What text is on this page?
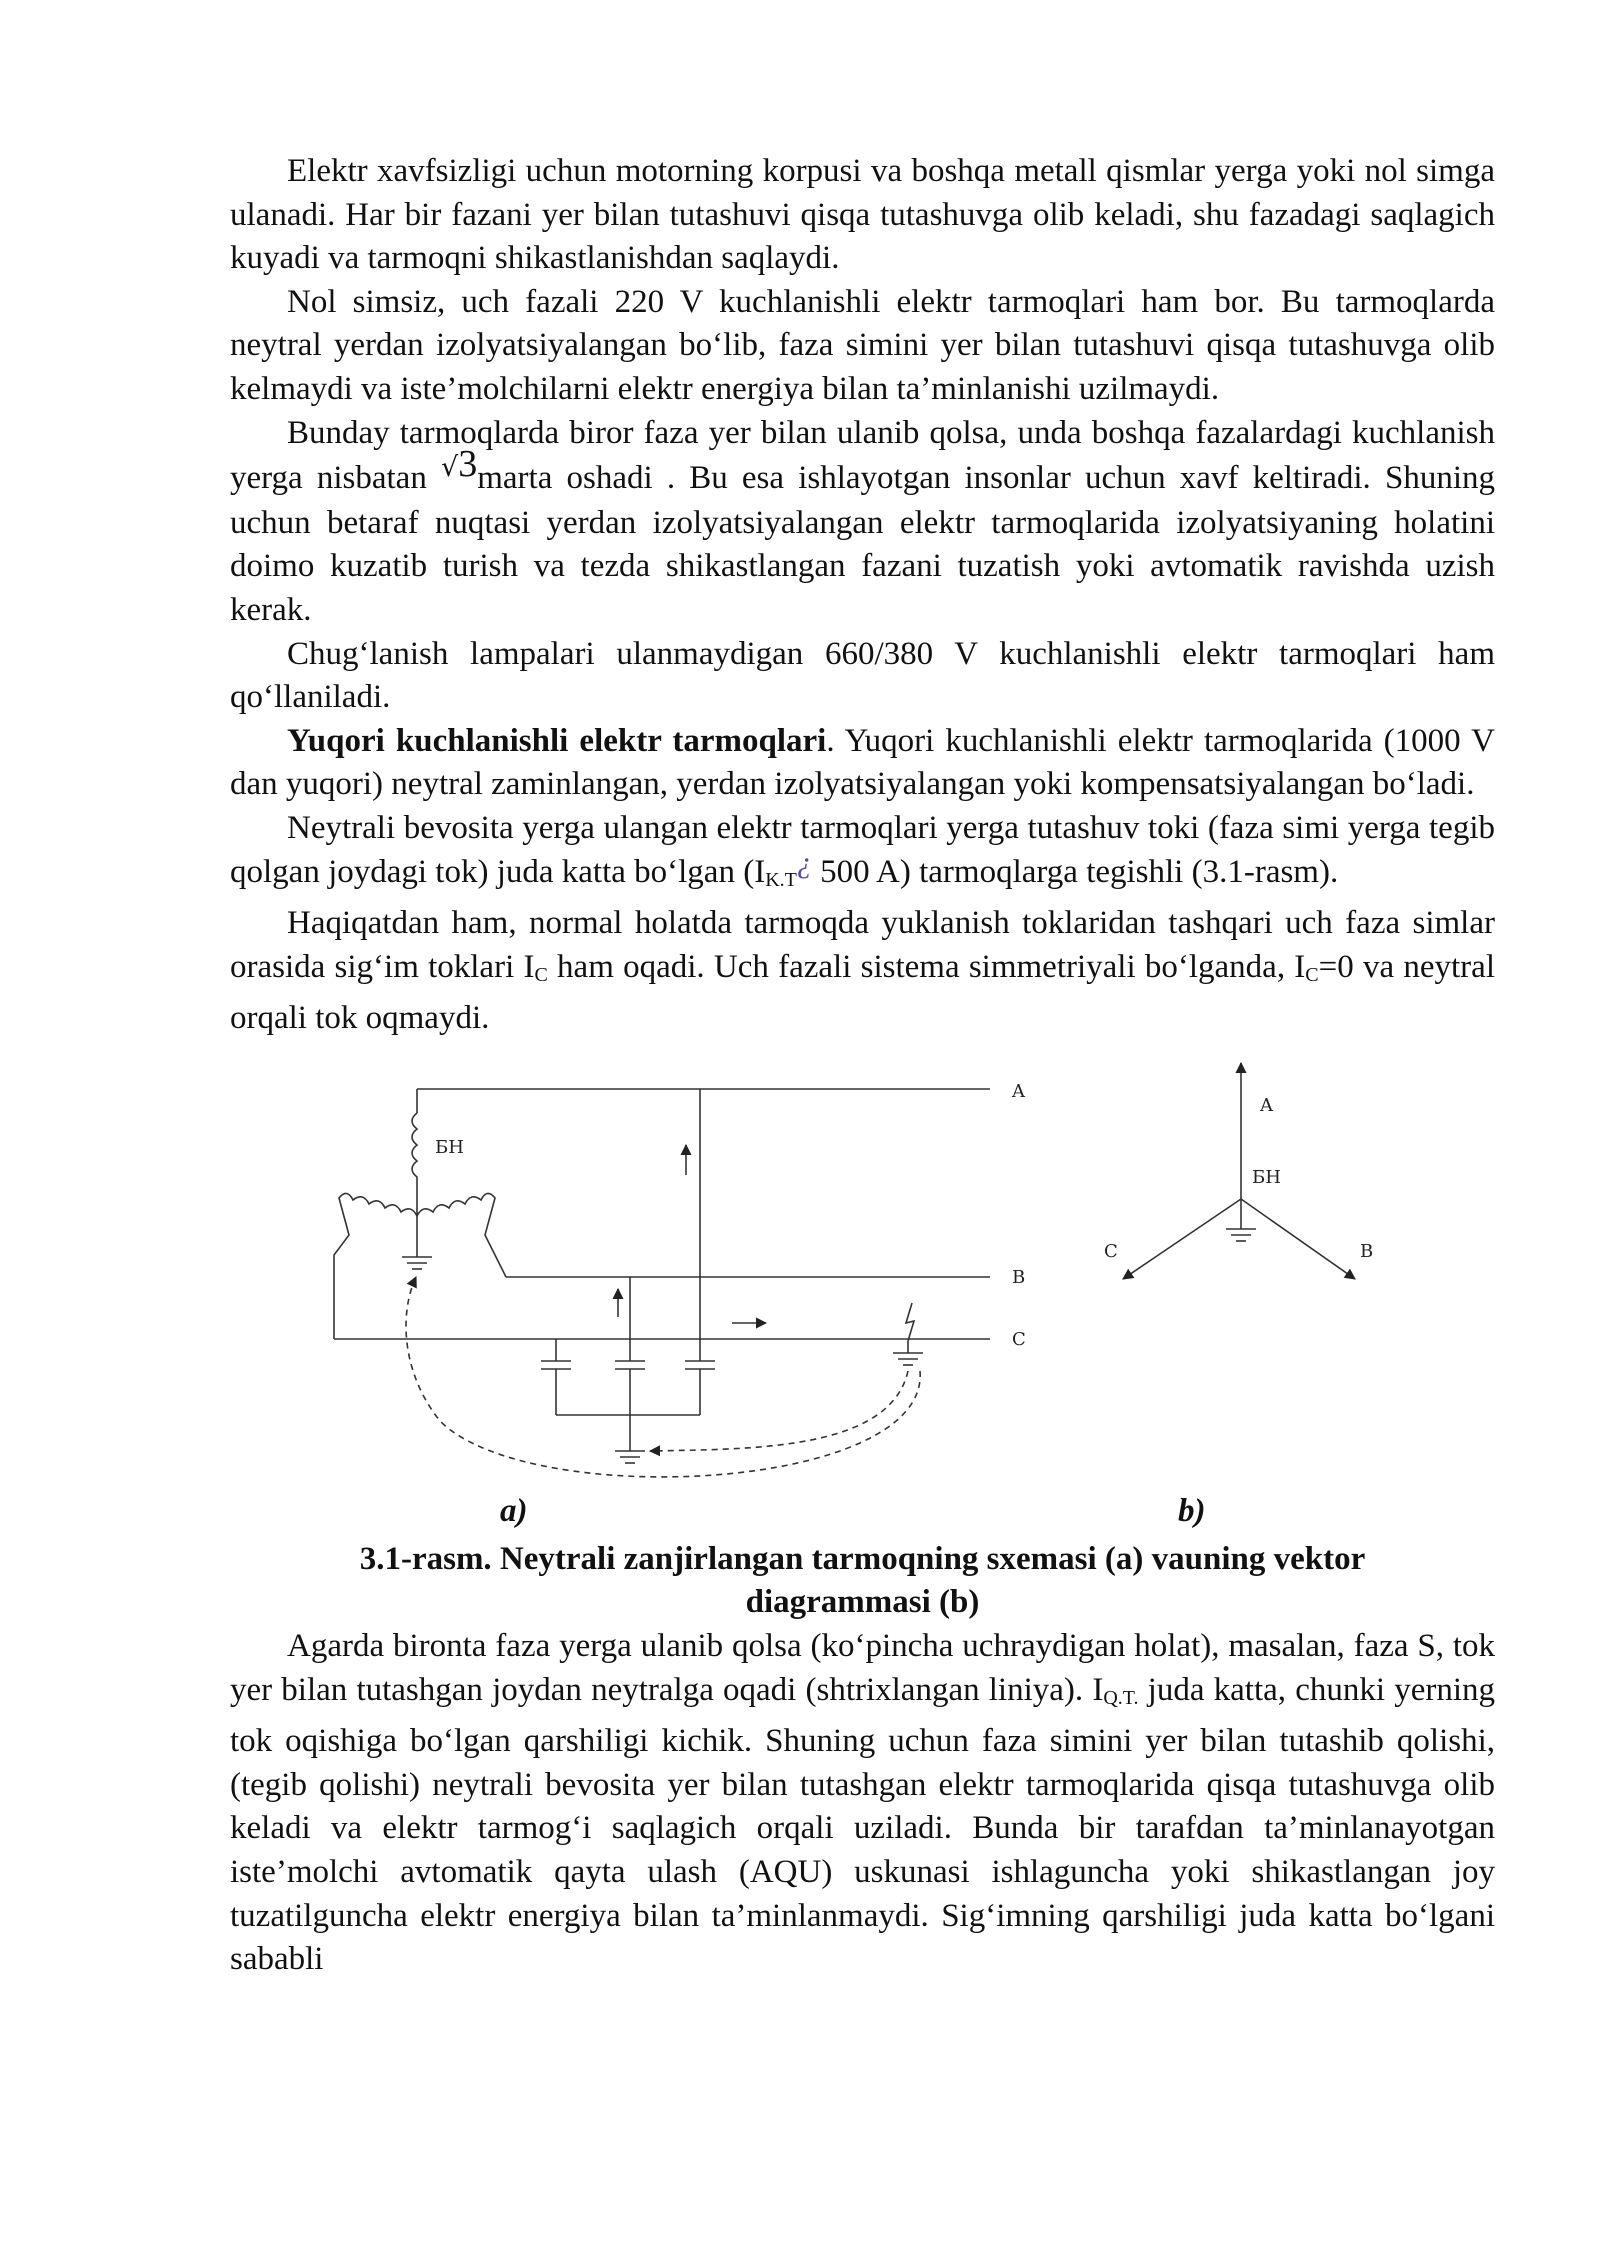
Elektr xavfsizligi uchun motorning korpusi va boshqa metall qismlar yerga yoki nol simga ulanadi. Har bir fazani yer bilan tutashuvi qisqa tutashuvga olib keladi, shu fazadagi saqlagich kuyadi va tarmoqni shikastlanishdan saqlaydi.

Nol simsiz, uch fazali 220 V kuchlanishli elektr tarmoqlari ham bor. Bu tarmoqlarda neytral yerdan izolyatsiyalangan bo‘lib, faza simini yer bilan tutashuvi qisqa tutashuvga olib kelmaydi va iste’molchilarni elektr energiya bilan ta’minlanishi uzilmaydi.

Bunday tarmoqlarda biror faza yer bilan ulanib qolsa, unda boshqa fazalardagi kuchlanish yerga nisbatan √3marta oshadi . Bu esa ishlayotgan insonlar uchun xavf keltiradi. Shuning uchun betaraf nuqtasi yerdan izolyatsiyalangan elektr tarmoqlarida izolyatsiyaning holatini doimo kuzatib turish va tezda shikastlangan fazani tuzatish yoki avtomatik ravishda uzish kerak.

Chug‘lanish lampalari ulanmaydigan 660/380 V kuchlanishli elektr tarmoqlari ham qo‘llaniladi.

Yuqori kuchlanishli elektr tarmoqlari. Yuqori kuchlanishli elektr tarmoqlarida (1000 V dan yuqori) neytral zaminlangan, yerdan izolyatsiyalangan yoki kompensatsiyalangan bo‘ladi.

Neytrali bevosita yerga ulangan elektr tarmoqlari yerga tutashuv toki (faza simi yerga tegib qolgan joydagi tok) juda katta bo‘lgan ($I_{K.T}¿$ 500 A) tarmoqlarga tegishli (3.1-rasm).

Haqiqatdan ham, normal holatda tarmoqda yuklanish toklaridan tashqari uch faza simlar orasida sig‘im toklari $I_C$ ham oqadi. Uch fazali sistema simmetriyali bo‘lganda, $I_C=0$ va neytral orqali tok oqmaydi.

A
B
C
БН
A
B
C
БН
a)	b)

3.1-rasm. Neytrali zanjirlangan tarmoqning sxemasi (a) vauning vektor

diagrammasi (b)

Agarda bironta faza yerga ulanib qolsa (ko‘pincha uchraydigan holat), masalan, faza S, tok yer bilan tutashgan joydan neytralga oqadi (shtrixlangan liniya). $I_{Q.T.}$ juda katta, chunki yerning tok oqishiga bo‘lgan qarshiligi kichik. Shuning uchun faza simini yer bilan tutashib qolishi, (tegib qolishi) neytrali bevosita yer bilan tutashgan elektr tarmoqlarida qisqa tutashuvga olib keladi va elektr tarmog‘i saqlagich orqali uziladi. Bunda bir tarafdan ta’minlanayotgan iste’molchi avtomatik qayta ulash (AQU) uskunasi ishlaguncha yoki shikastlangan joy tuzatilguncha elektr energiya bilan ta’minlanmaydi. Sig‘imning qarshiligi juda katta bo‘lgani sababli
